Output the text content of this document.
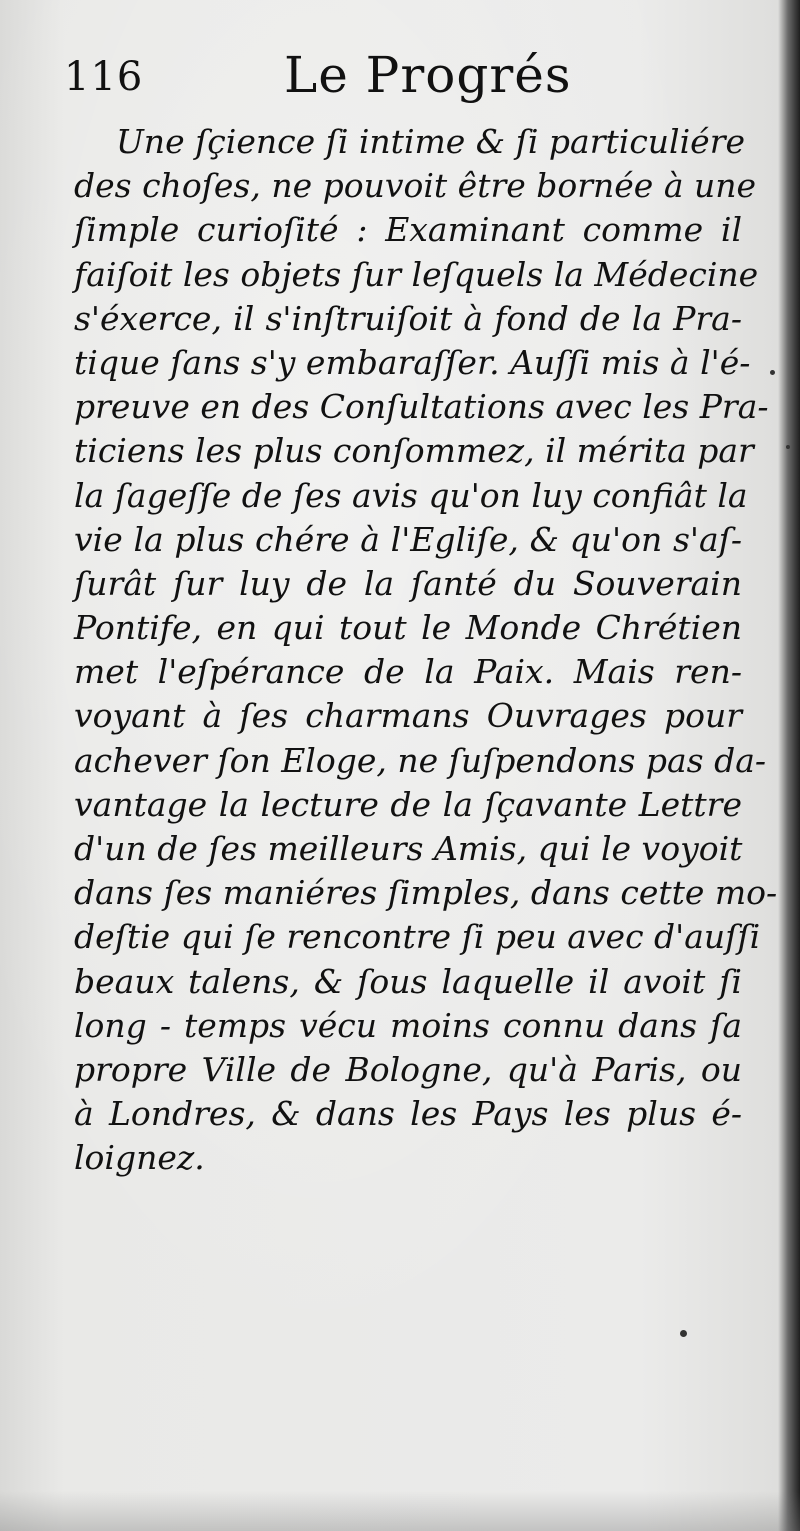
116	Le Progrés
Une ſçience ſi intime & ſi particuliére
des choſes, ne pouvoit être bornée à une
ſimple curioſité : Examinant comme il
faiſoit les objets ſur leſquels la Médecine
s'éxerce, il s'inſtruiſoit à fond de la Pra-
tique ſans s'y embaraſſer. Auſſi mis à l'é-
preuve en des Conſultations avec les Pra-
ticiens les plus conſommez, il mérita par
la ſageſſe de ſes avis qu'on luy confiât la
vie la plus chére à l'Egliſe, & qu'on s'aſ-
ſurât ſur luy de la ſanté du Souverain
Pontife, en qui tout le Monde Chrétien
met l'eſpérance de la Paix. Mais ren-
voyant à ſes charmans Ouvrages pour
achever ſon Eloge, ne ſuſpendons pas da-
vantage la lecture de la ſçavante Lettre
d'un de ſes meilleurs Amis, qui le voyoit
dans ſes maniéres ſimples, dans cette mo-
deſtie qui ſe rencontre ſi peu avec d'auſſi
beaux talens, & ſous laquelle il avoit ſi
long - temps vécu moins connu dans ſa
propre Ville de Bologne, qu'à Paris, ou
à Londres, & dans les Pays les plus é-
loignez.
